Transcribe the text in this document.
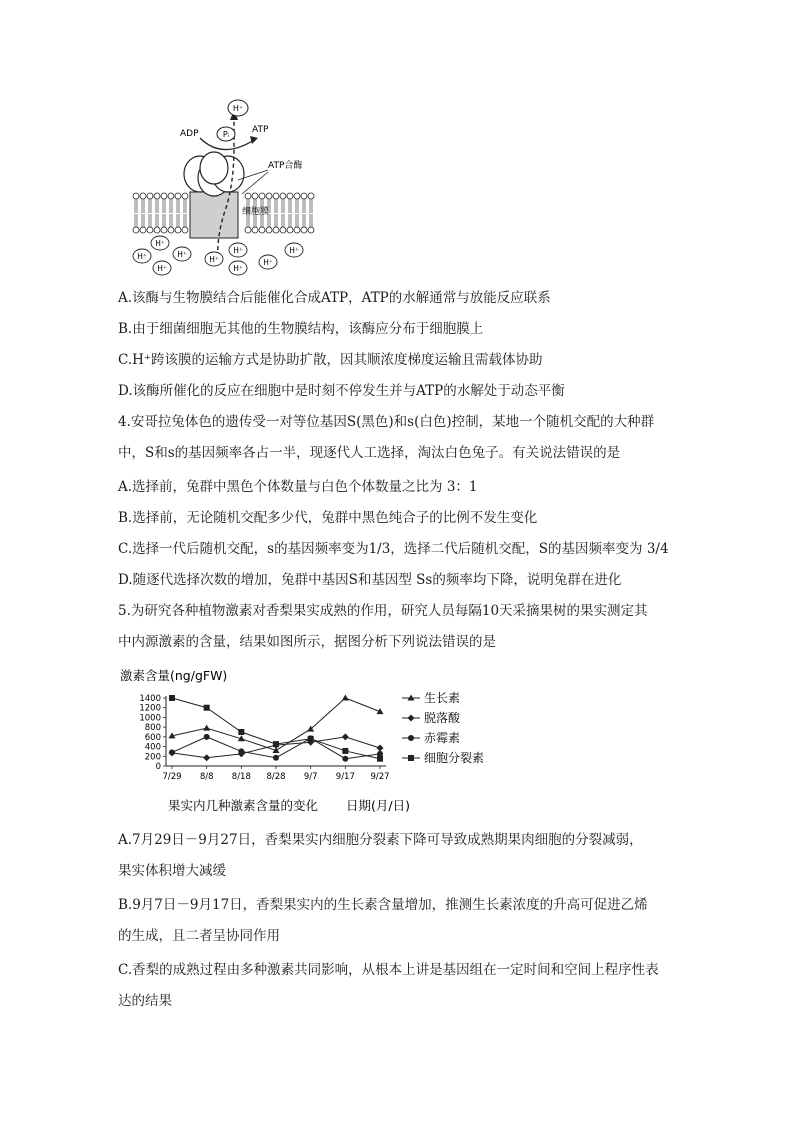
Pᵢ
ADP	ATP
H⁺
ATP合酶
细胞膜
H⁺
H⁺	H⁺
H⁺
H⁺
H⁺
H⁺
H⁺
H⁺
A.该酶与生物膜结合后能催化合成ATP，ATP的水解通常与放能反应联系
B.由于细菌细胞无其他的生物膜结构，该酶应分布于细胞膜上
C.H⁺跨该膜的运输方式是协助扩散，因其顺浓度梯度运输且需载体协助
D.该酶所催化的反应在细胞中是时刻不停发生并与ATP的水解处于动态平衡
4.安哥拉兔体色的遗传受一对等位基因S(黑色)和s(白色)控制，某地一个随机交配的大种群
中，S和s的基因频率各占一半，现逐代人工选择，淘汰白色兔子。有关说法错误的是
A.选择前，兔群中黑色个体数量与白色个体数量之比为 3：1
B.选择前，无论随机交配多少代，兔群中黑色纯合子的比例不发生变化
C.选择一代后随机交配，s的基因频率变为1/3，选择二代后随机交配，S的基因频率变为 3/4
D.随逐代选择次数的增加，兔群中基因S和基因型 Ss的频率均下降，说明兔群在进化
5.为研究各种植物激素对香梨果实成熟的作用，研究人员每隔10天采摘果树的果实测定其
中内源激素的含量，结果如图所示，据图分析下列说法错误的是
激素含量(ng/gFW)
0
200
400
600
800
1000
1200
1400
7/29 8/8 8/18 8/28 9/7 9/17 9/27
生长素
脱落酸
赤霉素
细胞分裂素
果实内几种激素含量的变化 日期(月/日)
A.7月29日－9月27日，香梨果实内细胞分裂素下降可导致成熟期果肉细胞的分裂减弱，
果实体积增大减缓
B.9月7日－9月17日，香梨果实内的生长素含量增加，推测生长素浓度的升高可促进乙烯
的生成，且二者呈协同作用
C.香梨的成熟过程由多种激素共同影响，从根本上讲是基因组在一定时间和空间上程序性表
达的结果
